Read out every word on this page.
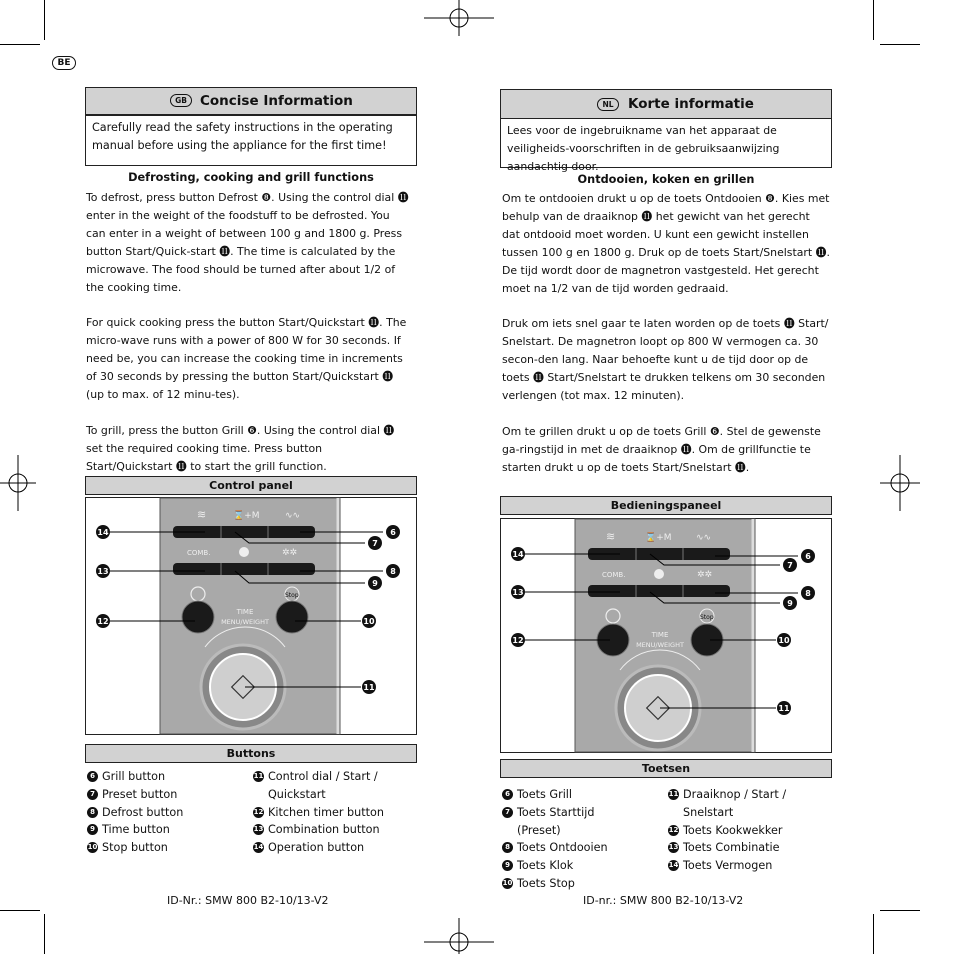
BE
GB Concise Information
Carefully read the safety instructions in the operating manual before using the appliance for the first time!
Defrosting, cooking and grill functions

To defrost, press button Defrost ❽. Using the control dial ⓫ enter in the weight of the foodstuff to be defrosted. You can enter in a weight of between 100 g and 1800 g. Press button Start/Quick-start ⓫. The time is calculated by the microwave. The food should be turned after about 1/2 of the cooking time.

For quick cooking press the button Start/Quickstart ⓫. The micro-wave runs with a power of 800 W for 30 seconds. If need be, you can increase the cooking time in increments of 30 seconds by pressing the button Start/Quickstart ⓫ (up to max. of 12 minu-tes).

To grill, press the button Grill ❻. Using the control dial ⓫ set the required cooking time. Press button Start/Quickstart ⓫ to start the grill function.

Control panel
≋	⌛+M	∿∿
COMB.	✲✲
Stop
TIME
MENU/WEIGHT
14
13
12
6
7
8
9
10
11
Buttons
6 Grill button
7 Preset button
8 Defrost button
9 Time button
10 Stop button
11 Control dial / Start / Quickstart
12 Kitchen timer button
13 Combination button
14 Operation button
ID-Nr.: SMW 800 B2-10/13-V2
NL	Korte informatie
Lees voor de ingebruikname van het apparaat de veiligheids-voorschriften in de gebruiksaanwijzing aandachtig door.
Ontdooien, koken en grillen

Om te ontdooien drukt u op de toets Ontdooien ❽. Kies met behulp van de draaiknop ⓫ het gewicht van het gerecht dat ontdooid moet worden. U kunt een gewicht instellen tussen 100 g en 1800 g. Druk op de toets Start/Snelstart ⓫. De tijd wordt door de magnetron vastgesteld. Het gerecht moet na 1/2 van de tijd worden gedraaid.

Druk om iets snel gaar te laten worden op de toets ⓫ Start/ Snelstart. De magnetron loopt op 800 W vermogen ca. 30 secon-den lang. Naar behoefte kunt u de tijd door op de toets ⓫ Start/Snelstart te drukken telkens om 30 seconden verlengen (tot max. 12 minuten).

Om te grillen drukt u op de toets Grill ❻. Stel de gewenste ga-ringstijd in met de draaiknop ⓫. Om de grillfunctie te starten drukt u op de toets Start/Snelstart ⓫.

Bedieningspaneel
≋	⌛+M	∿∿
COMB.	✲✲
Stop
TIME
MENU/WEIGHT
14
13
12
6
7
8
9
10
11
Toetsen
6 Toets Grill
7 Toets Starttijd (Preset)
8 Toets Ontdooien
9 Toets Klok
10 Toets Stop
11 Draaiknop / Start / Snelstart
12 Toets Kookwekker
13 Toets Combinatie
14 Toets Vermogen
ID-nr.: SMW 800 B2-10/13-V2
